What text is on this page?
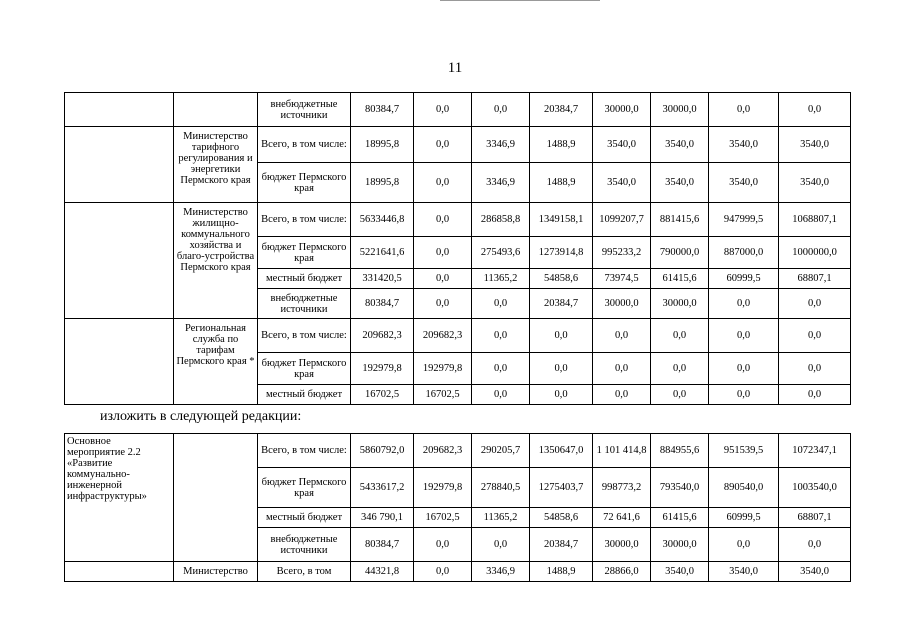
11
		внебюджетные источники	80384,7	0,0	0,0	20384,7	30000,0	30000,0	0,0	0,0
	Министерство тарифного регулирования и энергетики Пермского края	Всего, в том числе:	18995,8	0,0	3346,9	1488,9	3540,0	3540,0	3540,0	3540,0
		бюджет Пермского края	18995,8	0,0	3346,9	1488,9	3540,0	3540,0	3540,0	3540,0
	Министерство жилищно-коммунального хозяйства и благо-устройства Пермского края	Всего, в том числе:	5633446,8	0,0	286858,8	1349158,1	1099207,7	881415,6	947999,5	1068807,1
		бюджет Пермского края	5221641,6	0,0	275493,6	1273914,8	995233,2	790000,0	887000,0	1000000,0
		местный бюджет	331420,5	0,0	11365,2	54858,6	73974,5	61415,6	60999,5	68807,1
		внебюджетные источники	80384,7	0,0	0,0	20384,7	30000,0	30000,0	0,0	0,0
	Региональная служба по тарифам Пермского края *	Всего, в том числе:	209682,3	209682,3	0,0	0,0	0,0	0,0	0,0	0,0
		бюджет Пермского края	192979,8	192979,8	0,0	0,0	0,0	0,0	0,0	0,0
		местный бюджет	16702,5	16702,5	0,0	0,0	0,0	0,0	0,0	0,0
изложить в следующей редакции:
Основное мероприятие 2.2 «Развитие коммунально-инженерной инфраструктуры»		Всего, в том числе:	5860792,0	209682,3	290205,7	1350647,0	1 101 414,8	884955,6	951539,5	1072347,1
		бюджет Пермского края	5433617,2	192979,8	278840,5	1275403,7	998773,2	793540,0	890540,0	1003540,0
		местный бюджет	346 790,1	16702,5	11365,2	54858,6	72 641,6	61415,6	60999,5	68807,1
		внебюджетные источники	80384,7	0,0	0,0	20384,7	30000,0	30000,0	0,0	0,0
	Министерство	Всего, в том	44321,8	0,0	3346,9	1488,9	28866,0	3540,0	3540,0	3540,0
